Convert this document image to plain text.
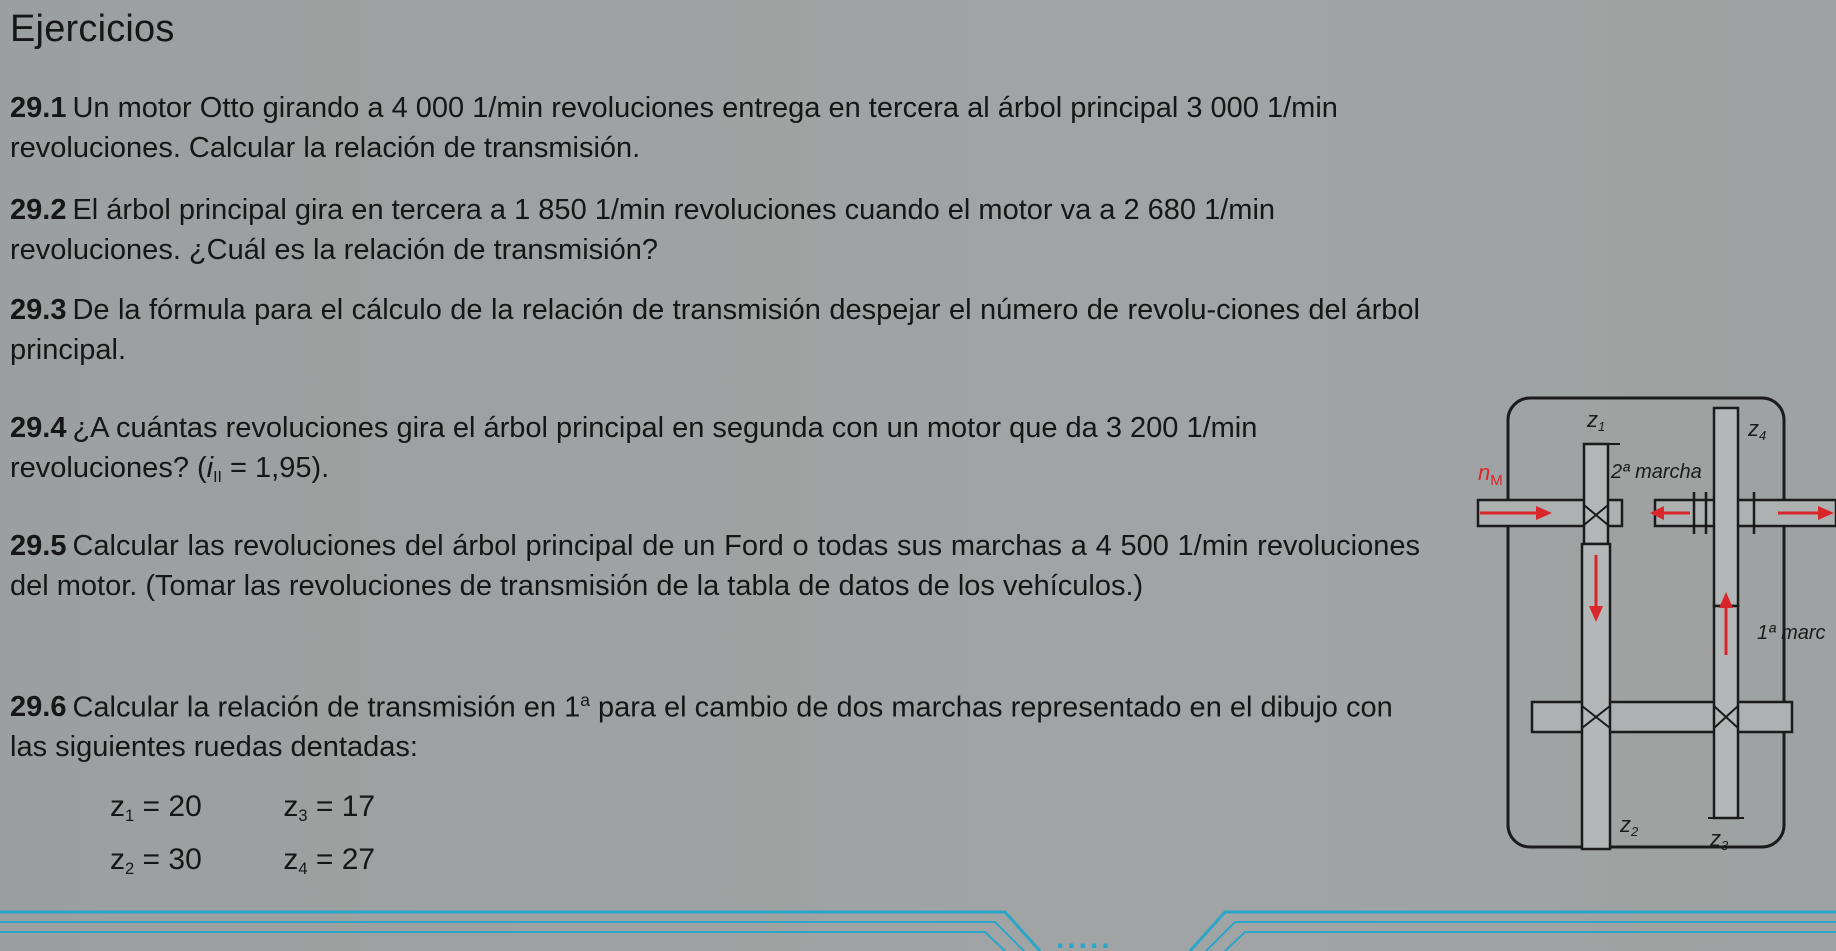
Ejercicios
29.1 Un motor Otto girando a 4 000 1/min revoluciones entrega en tercera al árbol principal 3 000 1/min revoluciones. Calcular la relación de transmisión.
29.2 El árbol principal gira en tercera a 1 850 1/min revoluciones cuando el motor va a 2 680 1/min revoluciones. ¿Cuál es la relación de transmisión?
29.3 De la fórmula para el cálculo de la relación de transmisión despejar el número de revolu-ciones del árbol principal.
29.4 ¿A cuántas revoluciones gira el árbol principal en segunda con un motor que da 3 200 1/min revoluciones? $(i_{II} = 1,95)$.
29.5 Calcular las revoluciones del árbol principal de un Ford o todas sus marchas a 4 500 1/min revoluciones del motor. (Tomar las revoluciones de transmisión de la tabla de datos de los vehículos.)
29.6 Calcular la relación de transmisión en 1$^a$ para el cambio de dos marchas representado en el dibujo con las siguientes ruedas dentadas:
$z_1 = 20$	$z_3 = 17$
$z_2 = 30$	$z_4 = 27$
z1	z4
$n_M$	2ª marcha
1ª marc
z2	z3
.....
